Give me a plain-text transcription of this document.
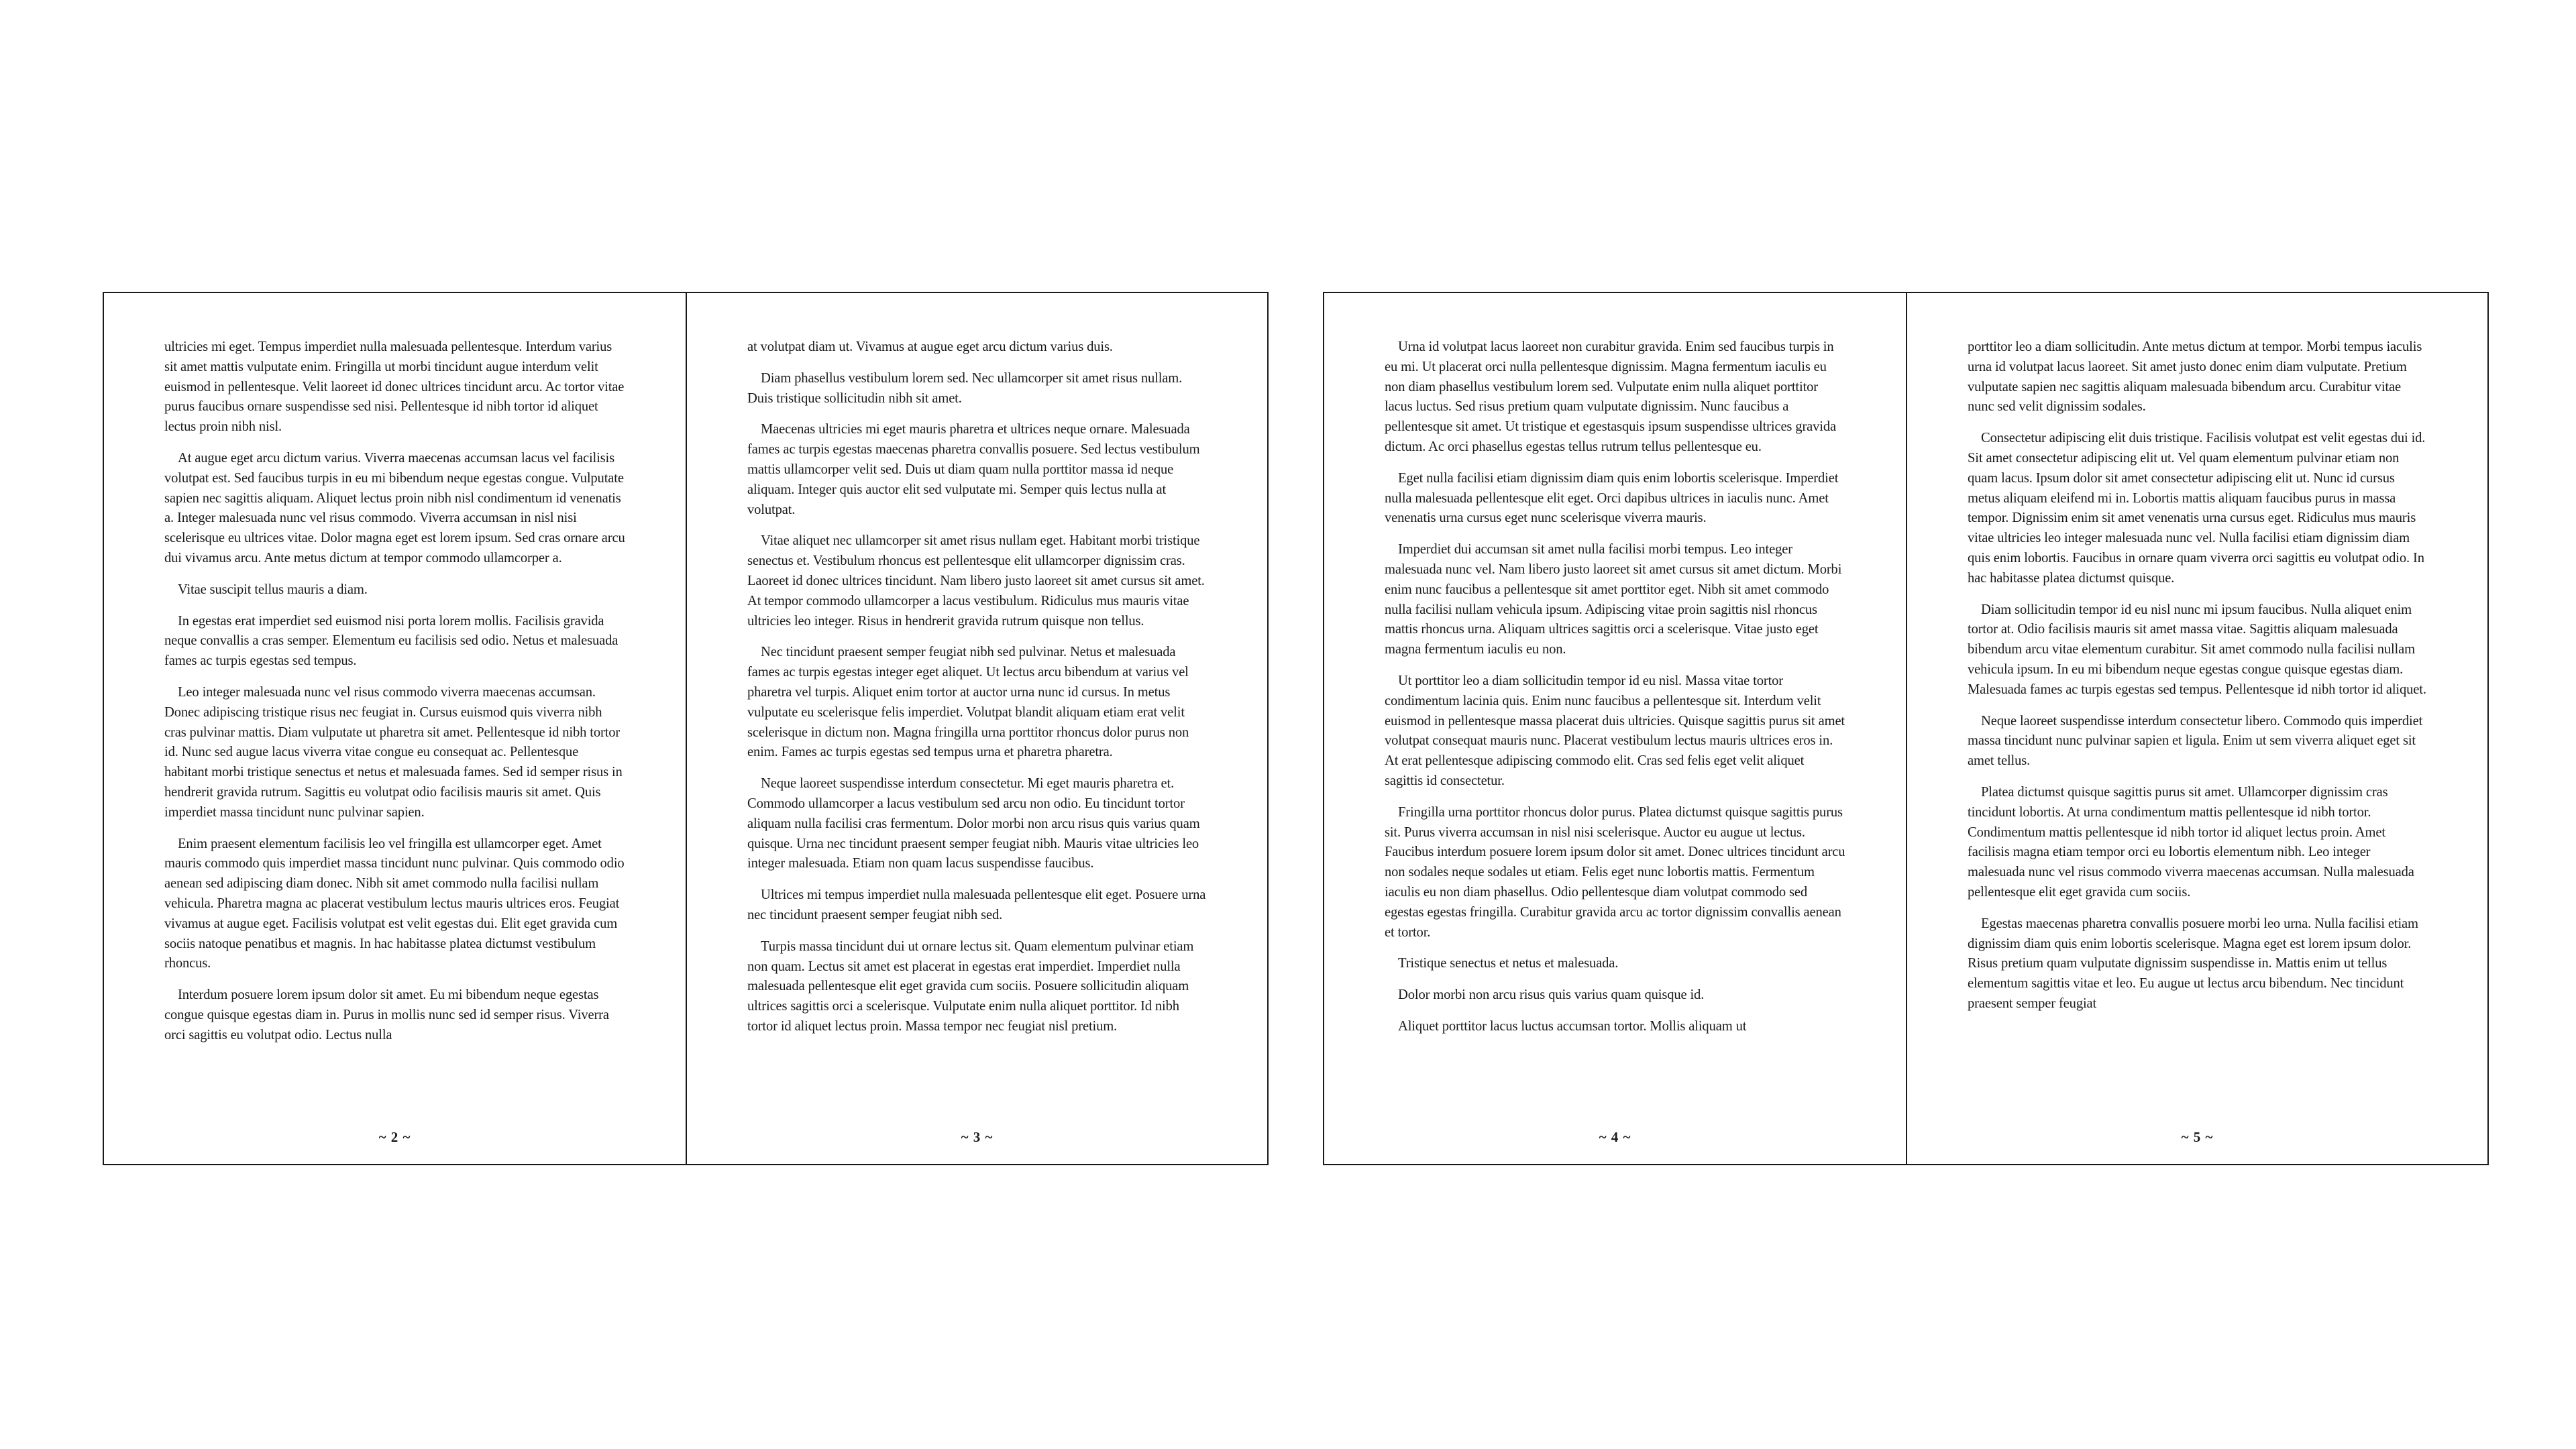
ultricies mi eget. Tempus imperdiet nulla malesuada pellentesque. Interdum varius sit amet mattis vulputate enim. Fringilla ut morbi tincidunt augue interdum velit euismod in pellentesque. Velit laoreet id donec ultrices tincidunt arcu. Ac tortor vitae purus faucibus ornare suspendisse sed nisi. Pellentesque id nibh tortor id aliquet lectus proin nibh nisl.

At augue eget arcu dictum varius. Viverra maecenas accumsan lacus vel facilisis volutpat est. Sed faucibus turpis in eu mi bibendum neque egestas congue. Vulputate sapien nec sagittis aliquam. Aliquet lectus proin nibh nisl condimentum id venenatis a. Integer malesuada nunc vel risus commodo. Viverra accumsan in nisl nisi scelerisque eu ultrices vitae. Dolor magna eget est lorem ipsum. Sed cras ornare arcu dui vivamus arcu. Ante metus dictum at tempor commodo ullamcorper a.

Vitae suscipit tellus mauris a diam.

In egestas erat imperdiet sed euismod nisi porta lorem mollis. Facilisis gravida neque convallis a cras semper. Elementum eu facilisis sed odio. Netus et malesuada fames ac turpis egestas sed tempus.

Leo integer malesuada nunc vel risus commodo viverra maecenas accumsan. Donec adipiscing tristique risus nec feugiat in. Cursus euismod quis viverra nibh cras pulvinar mattis. Diam vulputate ut pharetra sit amet. Pellentesque id nibh tortor id. Nunc sed augue lacus viverra vitae congue eu consequat ac. Pellentesque habitant morbi tristique senectus et netus et malesuada fames. Sed id semper risus in hendrerit gravida rutrum. Sagittis eu volutpat odio facilisis mauris sit amet. Quis imperdiet massa tincidunt nunc pulvinar sapien.

Enim praesent elementum facilisis leo vel fringilla est ullamcorper eget. Amet mauris commodo quis imperdiet massa tincidunt nunc pulvinar. Quis commodo odio aenean sed adipiscing diam donec. Nibh sit amet commodo nulla facilisi nullam vehicula. Pharetra magna ac placerat vestibulum lectus mauris ultrices eros. Feugiat vivamus at augue eget. Facilisis volutpat est velit egestas dui. Elit eget gravida cum sociis natoque penatibus et magnis. In hac habitasse platea dictumst vestibulum rhoncus.

Interdum posuere lorem ipsum dolor sit amet. Eu mi bibendum neque egestas congue quisque egestas diam in. Purus in mollis nunc sed id semper risus. Viverra orci sagittis eu volutpat odio. Lectus nulla

~ 2 ~

at volutpat diam ut. Vivamus at augue eget arcu dictum varius duis.

Diam phasellus vestibulum lorem sed. Nec ullamcorper sit amet risus nullam. Duis tristique sollicitudin nibh sit amet.

Maecenas ultricies mi eget mauris pharetra et ultrices neque ornare. Malesuada fames ac turpis egestas maecenas pharetra convallis posuere. Sed lectus vestibulum mattis ullamcorper velit sed. Duis ut diam quam nulla porttitor massa id neque aliquam. Integer quis auctor elit sed vulputate mi. Semper quis lectus nulla at volutpat.

Vitae aliquet nec ullamcorper sit amet risus nullam eget. Habitant morbi tristique senectus et. Vestibulum rhoncus est pellentesque elit ullamcorper dignissim cras. Laoreet id donec ultrices tincidunt. Nam libero justo laoreet sit amet cursus sit amet. At tempor commodo ullamcorper a lacus vestibulum. Ridiculus mus mauris vitae ultricies leo integer. Risus in hendrerit gravida rutrum quisque non tellus.

Nec tincidunt praesent semper feugiat nibh sed pulvinar. Netus et malesuada fames ac turpis egestas integer eget aliquet. Ut lectus arcu bibendum at varius vel pharetra vel turpis. Aliquet enim tortor at auctor urna nunc id cursus. In metus vulputate eu scelerisque felis imperdiet. Volutpat blandit aliquam etiam erat velit scelerisque in dictum non. Magna fringilla urna porttitor rhoncus dolor purus non enim. Fames ac turpis egestas sed tempus urna et pharetra pharetra.

Neque laoreet suspendisse interdum consectetur. Mi eget mauris pharetra et. Commodo ullamcorper a lacus vestibulum sed arcu non odio. Eu tincidunt tortor aliquam nulla facilisi cras fermentum. Dolor morbi non arcu risus quis varius quam quisque. Urna nec tincidunt praesent semper feugiat nibh. Mauris vitae ultricies leo integer malesuada. Etiam non quam lacus suspendisse faucibus.

Ultrices mi tempus imperdiet nulla malesuada pellentesque elit eget. Posuere urna nec tincidunt praesent semper feugiat nibh sed.

Turpis massa tincidunt dui ut ornare lectus sit. Quam elementum pulvinar etiam non quam. Lectus sit amet est placerat in egestas erat imperdiet. Imperdiet nulla malesuada pellentesque elit eget gravida cum sociis. Posuere sollicitudin aliquam ultrices sagittis orci a scelerisque. Vulputate enim nulla aliquet porttitor. Id nibh tortor id aliquet lectus proin. Massa tempor nec feugiat nisl pretium.

~ 3 ~

Urna id volutpat lacus laoreet non curabitur gravida. Enim sed faucibus turpis in eu mi. Ut placerat orci nulla pellentesque dignissim. Magna fermentum iaculis eu non diam phasellus vestibulum lorem sed. Vulputate enim nulla aliquet porttitor lacus luctus. Sed risus pretium quam vulputate dignissim. Nunc faucibus a pellentesque sit amet. Ut tristique et egestasquis ipsum suspendisse ultrices gravida dictum. Ac orci phasellus egestas tellus rutrum tellus pellentesque eu.

Eget nulla facilisi etiam dignissim diam quis enim lobortis scelerisque. Imperdiet nulla malesuada pellentesque elit eget. Orci dapibus ultrices in iaculis nunc. Amet venenatis urna cursus eget nunc scelerisque viverra mauris.

Imperdiet dui accumsan sit amet nulla facilisi morbi tempus. Leo integer malesuada nunc vel. Nam libero justo laoreet sit amet cursus sit amet dictum. Morbi enim nunc faucibus a pellentesque sit amet porttitor eget. Nibh sit amet commodo nulla facilisi nullam vehicula ipsum. Adipiscing vitae proin sagittis nisl rhoncus mattis rhoncus urna. Aliquam ultrices sagittis orci a scelerisque. Vitae justo eget magna fermentum iaculis eu non.

Ut porttitor leo a diam sollicitudin tempor id eu nisl. Massa vitae tortor condimentum lacinia quis. Enim nunc faucibus a pellentesque sit. Interdum velit euismod in pellentesque massa placerat duis ultricies. Quisque sagittis purus sit amet volutpat consequat mauris nunc. Placerat vestibulum lectus mauris ultrices eros in. At erat pellentesque adipiscing commodo elit. Cras sed felis eget velit aliquet sagittis id consectetur.

Fringilla urna porttitor rhoncus dolor purus. Platea dictumst quisque sagittis purus sit. Purus viverra accumsan in nisl nisi scelerisque. Auctor eu augue ut lectus. Faucibus interdum posuere lorem ipsum dolor sit amet. Donec ultrices tincidunt arcu non sodales neque sodales ut etiam. Felis eget nunc lobortis mattis. Fermentum iaculis eu non diam phasellus. Odio pellentesque diam volutpat commodo sed egestas egestas fringilla. Curabitur gravida arcu ac tortor dignissim convallis aenean et tortor.

Tristique senectus et netus et malesuada.

Dolor morbi non arcu risus quis varius quam quisque id.

Aliquet porttitor lacus luctus accumsan tortor. Mollis aliquam ut

~ 4 ~

porttitor leo a diam sollicitudin. Ante metus dictum at tempor. Morbi tempus iaculis urna id volutpat lacus laoreet. Sit amet justo donec enim diam vulputate. Pretium vulputate sapien nec sagittis aliquam malesuada bibendum arcu. Curabitur vitae nunc sed velit dignissim sodales.

Consectetur adipiscing elit duis tristique. Facilisis volutpat est velit egestas dui id. Sit amet consectetur adipiscing elit ut. Vel quam elementum pulvinar etiam non quam lacus. Ipsum dolor sit amet consectetur adipiscing elit ut. Nunc id cursus metus aliquam eleifend mi in. Lobortis mattis aliquam faucibus purus in massa tempor. Dignissim enim sit amet venenatis urna cursus eget. Ridiculus mus mauris vitae ultricies leo integer malesuada nunc vel. Nulla facilisi etiam dignissim diam quis enim lobortis. Faucibus in ornare quam viverra orci sagittis eu volutpat odio. In hac habitasse platea dictumst quisque.

Diam sollicitudin tempor id eu nisl nunc mi ipsum faucibus. Nulla aliquet enim tortor at. Odio facilisis mauris sit amet massa vitae. Sagittis aliquam malesuada bibendum arcu vitae elementum curabitur. Sit amet commodo nulla facilisi nullam vehicula ipsum. In eu mi bibendum neque egestas congue quisque egestas diam. Malesuada fames ac turpis egestas sed tempus. Pellentesque id nibh tortor id aliquet.

Neque laoreet suspendisse interdum consectetur libero. Commodo quis imperdiet massa tincidunt nunc pulvinar sapien et ligula. Enim ut sem viverra aliquet eget sit amet tellus.

Platea dictumst quisque sagittis purus sit amet. Ullamcorper dignissim cras tincidunt lobortis. At urna condimentum mattis pellentesque id nibh tortor. Condimentum mattis pellentesque id nibh tortor id aliquet lectus proin. Amet facilisis magna etiam tempor orci eu lobortis elementum nibh. Leo integer malesuada nunc vel risus commodo viverra maecenas accumsan. Nulla malesuada pellentesque elit eget gravida cum sociis.

Egestas maecenas pharetra convallis posuere morbi leo urna. Nulla facilisi etiam dignissim diam quis enim lobortis scelerisque. Magna eget est lorem ipsum dolor. Risus pretium quam vulputate dignissim suspendisse in. Mattis enim ut tellus elementum sagittis vitae et leo. Eu augue ut lectus arcu bibendum. Nec tincidunt praesent semper feugiat

~ 5 ~
